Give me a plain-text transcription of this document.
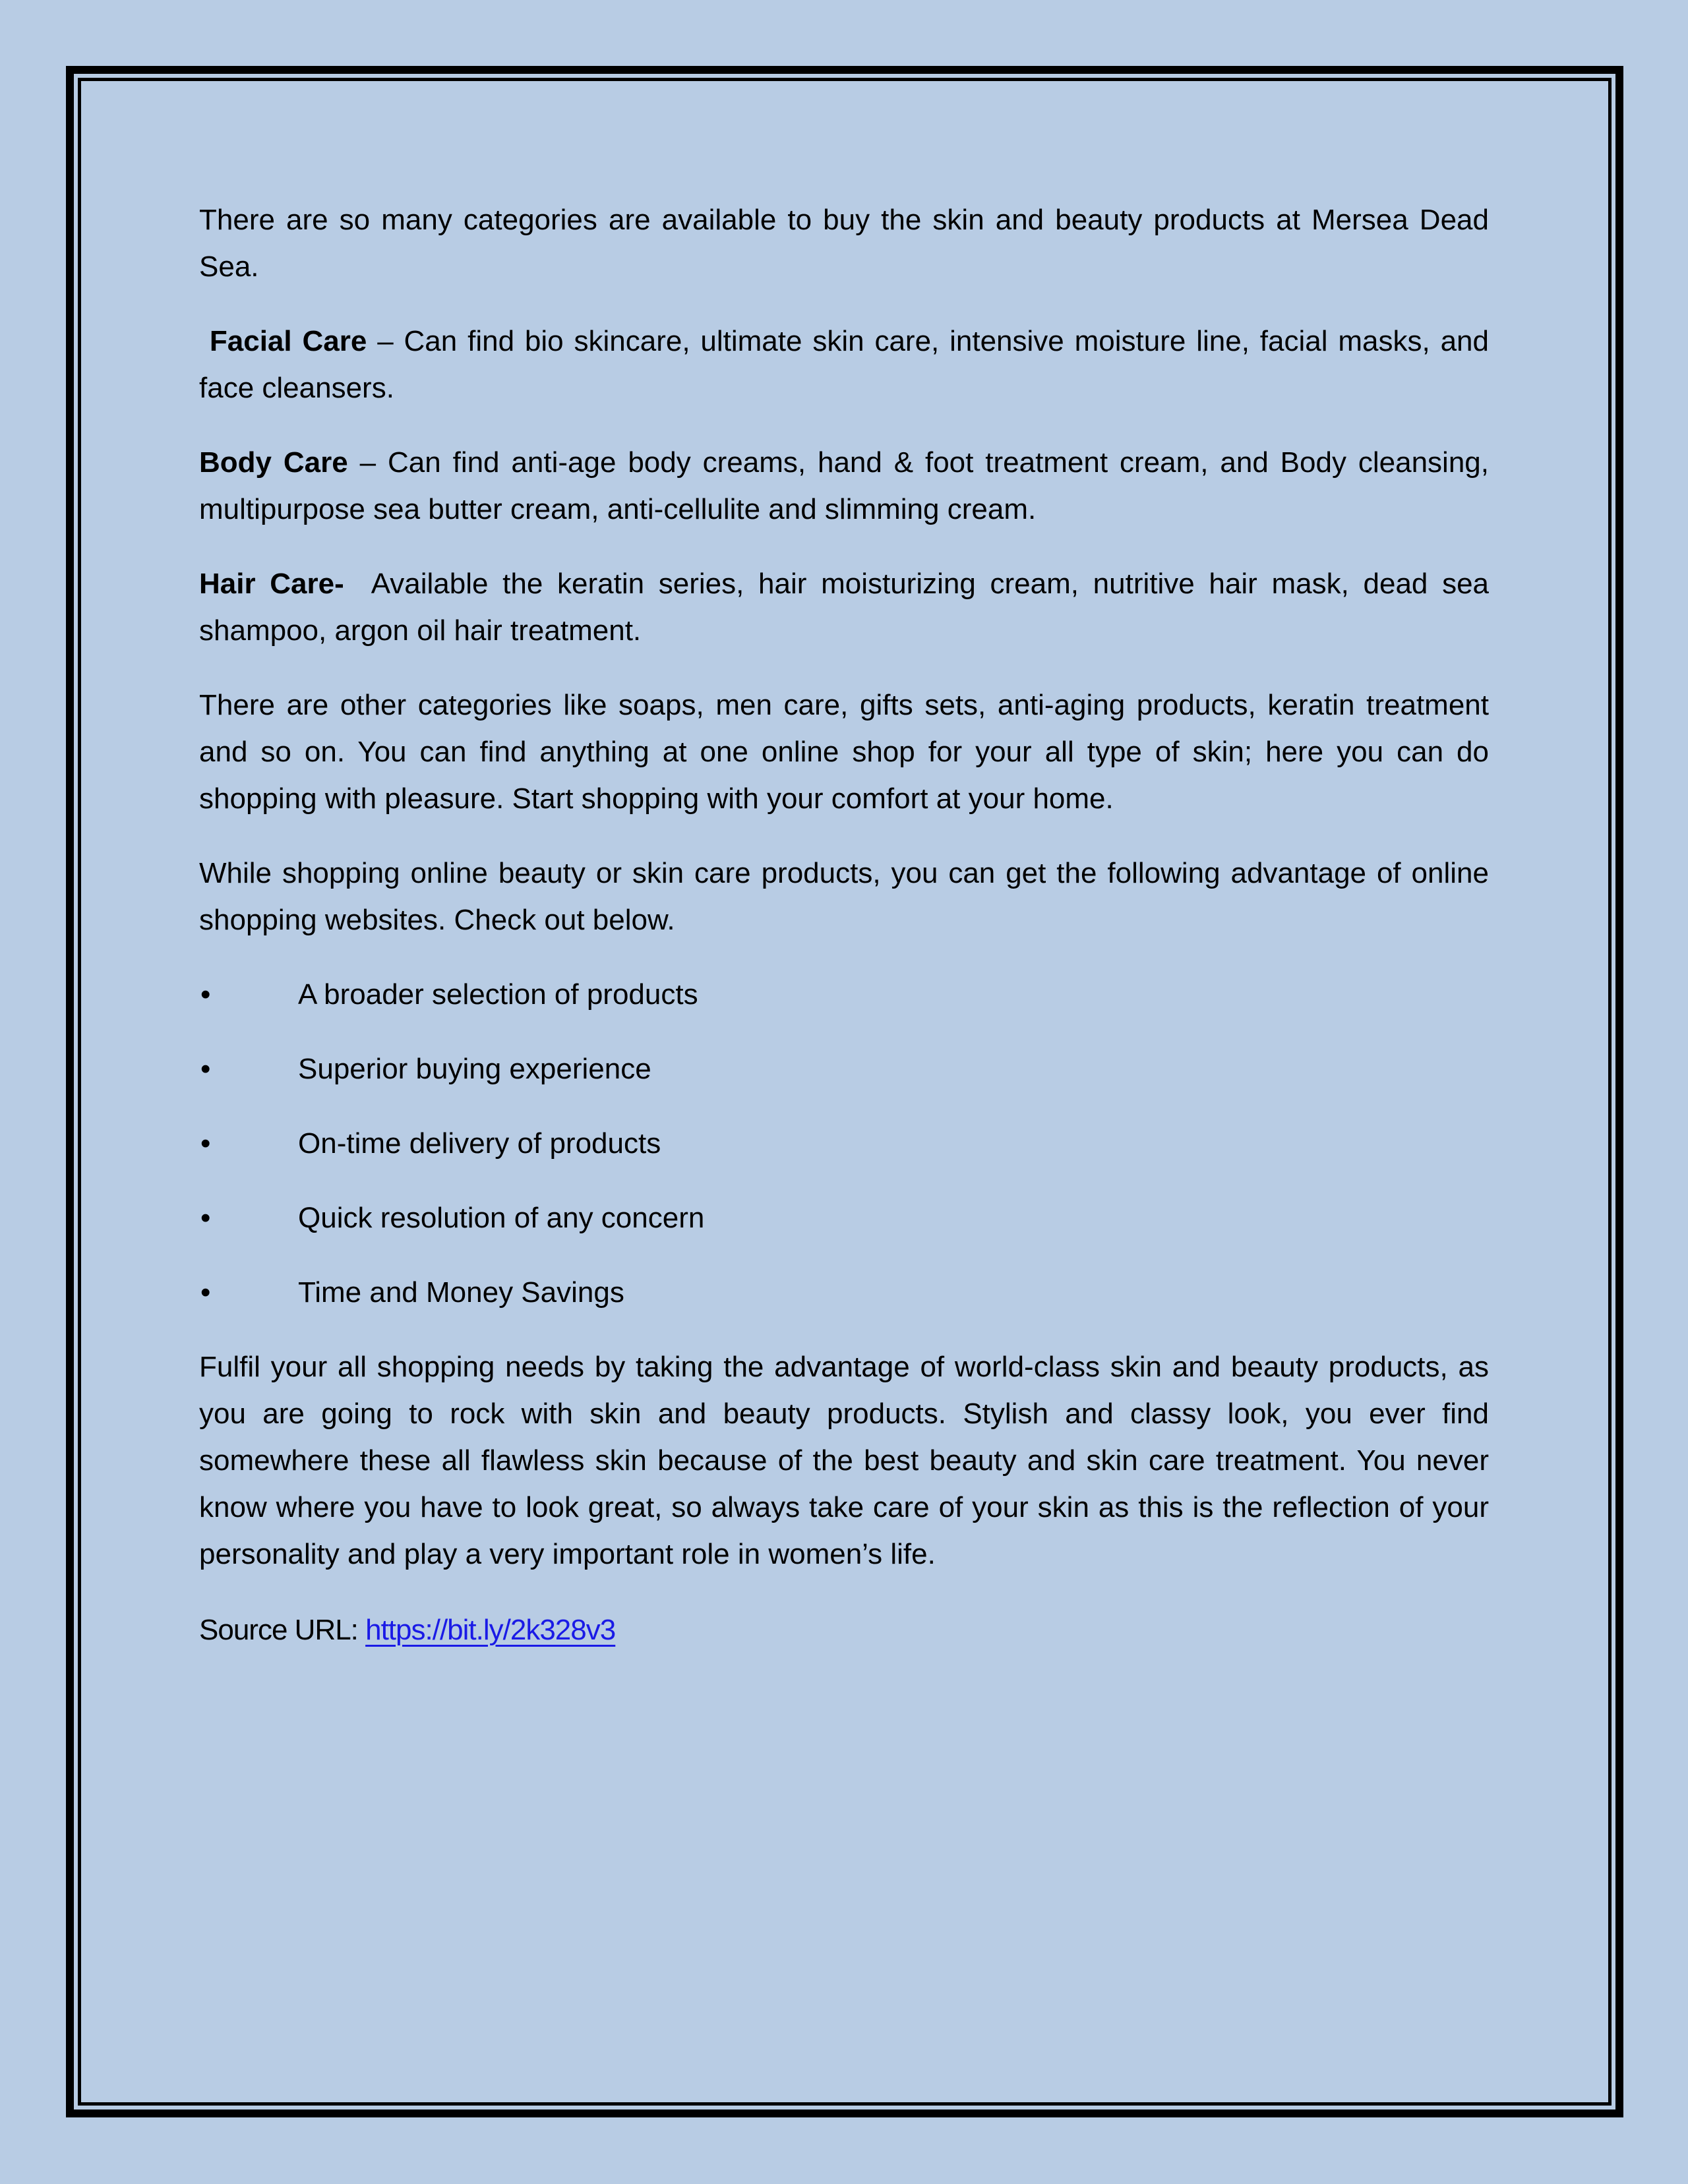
There are so many categories are available to buy the skin and beauty products at Mersea Dead Sea.

Facial Care – Can find bio skincare, ultimate skin care, intensive moisture line, facial masks, and face cleansers.

Body Care – Can find anti-age body creams, hand & foot treatment cream, and Body cleansing, multipurpose sea butter cream, anti-cellulite and slimming cream.

Hair Care-  Available the keratin series, hair moisturizing cream, nutritive hair mask, dead sea shampoo, argon oil hair treatment.

There are other categories like soaps, men care, gifts sets, anti-aging products, keratin treatment and so on. You can find anything at one online shop for your all type of skin; here you can do shopping with pleasure. Start shopping with your comfort at your home.

While shopping online beauty or skin care products, you can get the following advantage of online shopping websites. Check out below.

•	A broader selection of products
•	Superior buying experience
•	On-time delivery of products
•	Quick resolution of any concern
•	Time and Money Savings

Fulfil your all shopping needs by taking the advantage of world-class skin and beauty products, as you are going to rock with skin and beauty products. Stylish and classy look, you ever find somewhere these all flawless skin because of the best beauty and skin care treatment. You never know where you have to look great, so always take care of your skin as this is the reflection of your personality and play a very important role in women’s life.

Source URL: https://bit.ly/2k328v3
